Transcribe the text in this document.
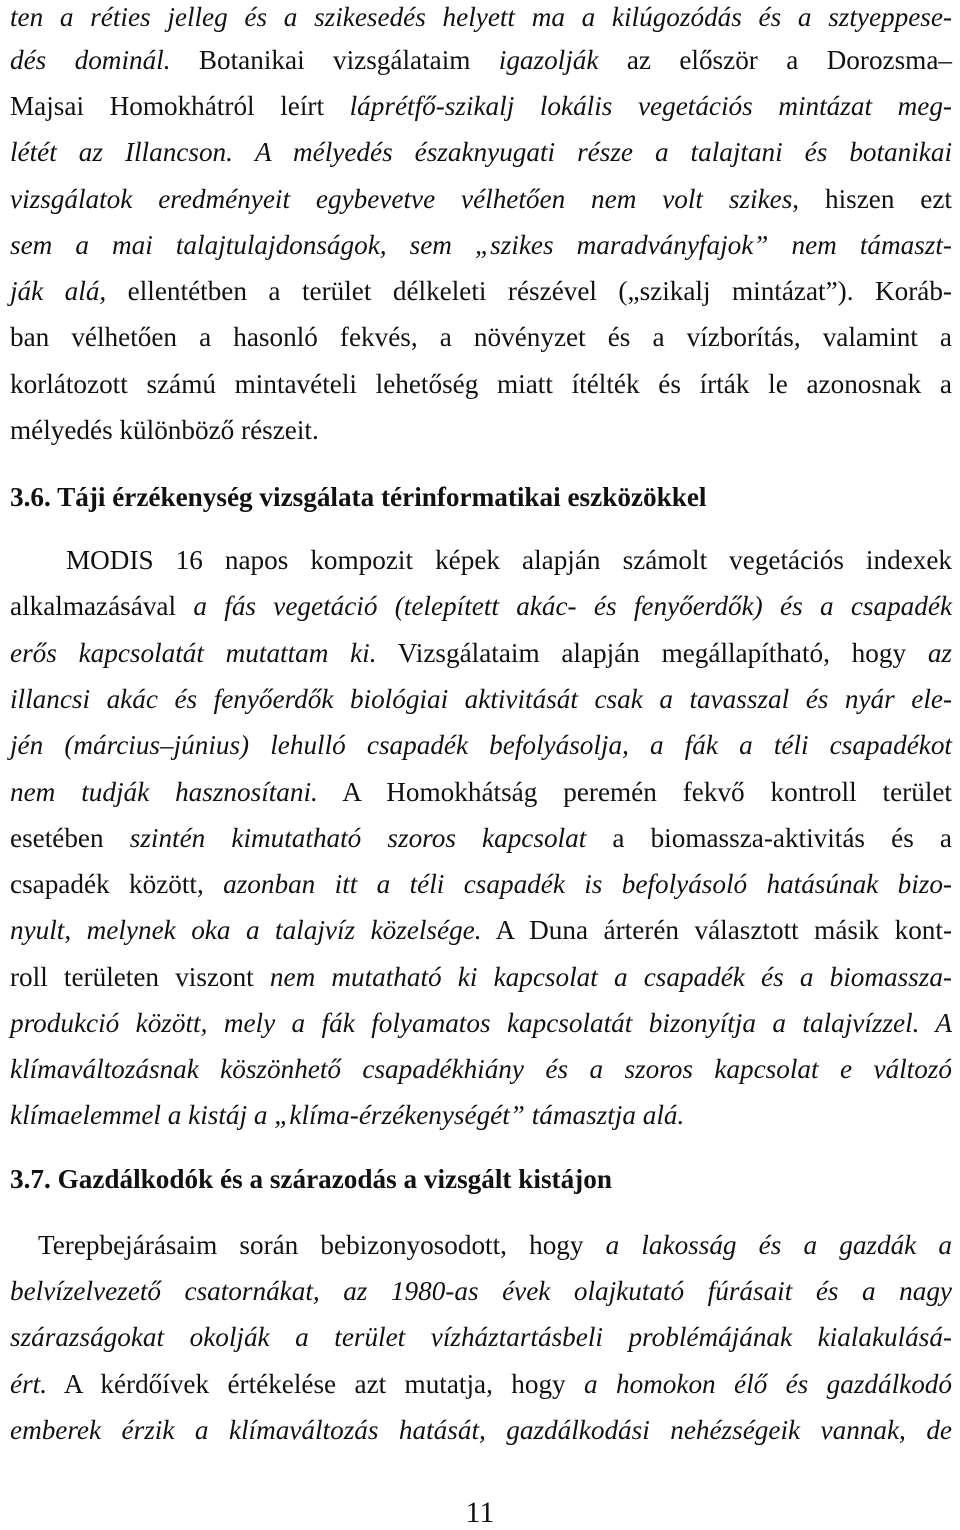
ten a réties jelleg és a szikesedés helyett ma a kilúgozódás és a sztyeppese-
dés dominál. Botanikai vizsgálataim igazolják az először a Dorozsma–
Majsai Homokhátról leírt láprétfő-szikalj lokális vegetációs mintázat meg-
létét az Illancson. A mélyedés északnyugati része a talajtani és botanikai
vizsgálatok eredményeit egybevetve vélhetően nem volt szikes, hiszen ezt
sem a mai talajtulajdonságok, sem „szikes maradványfajok” nem támaszt-
ják alá, ellentétben a terület délkeleti részével („szikalj mintázat”). Koráb-
ban vélhetően a hasonló fekvés, a növényzet és a vízborítás, valamint a
korlátozott számú mintavételi lehetőség miatt ítélték és írták le azonosnak a
mélyedés különböző részeit.
3.6. Táji érzékenység vizsgálata térinformatikai eszközökkel
MODIS 16 napos kompozit képek alapján számolt vegetációs indexek
alkalmazásával a fás vegetáció (telepített akác- és fenyőerdők) és a csapadék
erős kapcsolatát mutattam ki. Vizsgálataim alapján megállapítható, hogy az
illancsi akác és fenyőerdők biológiai aktivitását csak a tavasszal és nyár ele-
jén (március–június) lehulló csapadék befolyásolja, a fák a téli csapadékot
nem tudják hasznosítani. A Homokhátság peremén fekvő kontroll terület
esetében szintén kimutatható szoros kapcsolat a biomassza-aktivitás és a
csapadék között, azonban itt a téli csapadék is befolyásoló hatásúnak bizo-
nyult, melynek oka a talajvíz közelsége. A Duna árterén választott másik kont-
roll területen viszont nem mutatható ki kapcsolat a csapadék és a biomassza-
produkció között, mely a fák folyamatos kapcsolatát bizonyítja a talajvízzel. A
klímaváltozásnak köszönhető csapadékhiány és a szoros kapcsolat e változó
klímaelemmel a kistáj a „klíma-érzékenységét” támasztja alá.
3.7. Gazdálkodók és a szárazodás a vizsgált kistájon
Terepbejárásaim során bebizonyosodott, hogy a lakosság és a gazdák a
belvízelvezető csatornákat, az 1980-as évek olajkutató fúrásait és a nagy
szárazságokat okolják a terület vízháztartásbeli problémájának kialakulásá-
ért. A kérdőívek értékelése azt mutatja, hogy a homokon élő és gazdálkodó
emberek érzik a klímaváltozás hatását, gazdálkodási nehézségeik vannak, de
11
